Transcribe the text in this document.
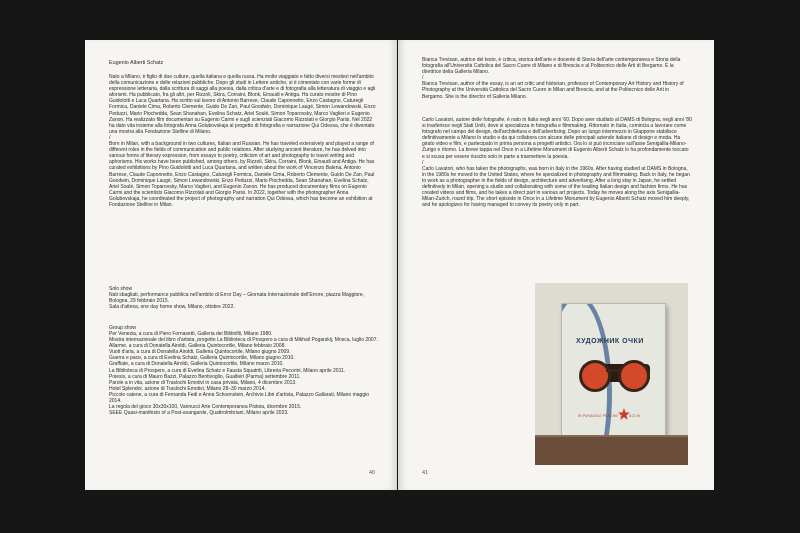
Eugenio Alberti Schatz
Nato a Milano, è figlio di due culture, quella italiana e quella russa. Ha molto viaggiato e fatto diversi mestieri nell'ambito della comunicazione e delle relazioni pubbliche. Dopo gli studi in Lettere antiche, si è cimentato con varie forme di espressione letteraria, dalla scrittura di saggi alla poesia, dalla critica d'arte e di fotografia alla letteratura di viaggio e agli aforismi. Ha pubblicato, fra gli altri, per Rizzoli, Skira, Corraini, Blonk, Einaudi e Antiga. Ha curato mostre di Pino Guidolotti e Luca Quartana. Ha scritto sul lavoro di Antonio Barrese, Claude Caponnetto, Enzo Castagno, Caturegli Formica, Daniele Cima, Roberto Clemente, Guido De Zan, Paul Goodwin, Dominique Laugé, Simon Lewandowski, Enzo Peduzzi, Mario Piochedda, Sean Shanahan, Evelina Schatz, Ariel Soulé, Simon Toparovsky, Marco Vaglieri e Eugenio Zanon. Ha realizzato film documentari su Eugenio Carmi e sugli scienziati Giacomo Rizzolati e Giorgio Parisi. Nel 2022 ha dato vita insieme alla fotografa Anna Golubovskaja al progetto di fotografia e narrazione Qui Odessa, che è diventato una mostra alla Fondazione Stelline di Milano.
/
Born in Milan, with a background in two cultures, Italian and Russian. He has traveled extensively and played a range of different roles in the fields of communication and public relations. After studying ancient literature, he has delved into various forms of literary expression, from essays to poetry, criticism of art and photography to travel writing and aphorisms. His works have been published, among others, by Rizzoli, Skira, Corraini, Blonk, Einaudi and Antiga. He has curated exhibitions by Pino Guidolotti and Luca Quartana, and written about the work of Vincenzo Balena, Antonio Barrese, Claude Caponnetto, Enzo Castagno, Caturegli Formica, Daniele Cima, Roberto Clemente, Guido De Zan, Paul Goodwin, Dominique Laugé, Simon Lewandowski, Enzo Peduzzi, Mario Piochedda, Sean Shanahan, Evelina Schatz, Ariel Soulé, Simon Toparovsky, Marco Vaglieri, and Eugenio Zanon. He has produced documentary films on Eugenio Carmi and the scientists Giacomo Rizzolati and Giorgio Parisi. In 2022, together with the photographer Anna Golubovskaja, he coordinated the project of photography and narration Qui Odessa, which has become an exhibition at Fondazione Stelline in Milan.
Solo show
Nati sbagliati, performance pubblica nell'ambito di Error Day – Giornata Internazionale dell'Errore, piazza Maggiore, Bologna, 29 febbraio 2015.
Sala d'attesa, one day home show, Milano, ottobre 2022.
Group show
Per Venezia, a cura di Piero Fornasetti, Galleria dei Bibliofili, Milano 1980.
Mostra internazionale del libro d'artista, progetto La Biblioteca di Prospero a cura di Mikhail Pogarskij, Mosca, luglio 2007.
Allarme, a cura di Donatella Airoldi, Galleria Quintocortile, Milano febbraio 2008.
Vuoti d'aria, a cura di Donatella Airoldi, Galleria Quintocortile, Milano giugno 2009.
Guerra e pace, a cura di Evelina Schatz, Galleria Quintocortile, Milano giugno 2010.
Graffiate, a cura di Donatella Airoldi, Galleria Quintocortile, Milano marzo 2010.
La Biblioteca di Prospero, a cura di Evelina Schatz e Fausta Squatriti, Libreria Pecorini, Milano aprile 2011.
Poiesis, a cura di Mauro Bazzi, Palazzo Bentivoglio, Gualtieri (Parma) settembre 2011.
Parole a in vita, azione di Traslochi Emotivi in casa privata, Milano, 4 dicembre 2013.
Hotel Splendor, azione di Traslochi Emotivi, Milano 28–30 marzo 2014.
Piccole catene, a cura di Fernanda Fedi e Anna Schoenstein, Archivio Libri d'artista, Palazzo Gallarati, Milano maggio 2014.
La regola del gioco 30x30x100, Vannucci Arte Contemporanea Pistoia, dicembre 2015.
SEEE Quasi-manifesto of a Post-avangarde, Quattrolmbriani, Milano aprile 2023.
40
Bianca Trevisan, autrice del testo, è critica, storica dell'arte e docente di Storia dell'arte contemporanea e Storia della fotografia all'Università Cattolica del Sacro Cuore di Milano e di Brescia e al Politecnico delle Arti di Bergamo. È la direttrice della Galleria Milano.
/
Bianca Trevisan, author of the essay, is an art critic and historian, professor of Contemporary Art History and History of Photography at the Università Cattolica del Sacro Cuore in Milan and Brescia, and at the Politecnico delle Arti in Bergamo. She is the director of Galleria Milano.
Carlo Lavatori, autore delle fotografie, è nato in Italia negli anni '60. Dopo aver studiato al DAMS di Bologna, negli anni '80 si trasferisce negli Stati Uniti, dove si specializza in fotografia e filmmaking. Ritornato in Italia, comincia a lavorare come fotografo nel campo del design, dell'architettura e dell'advertising. Dopo un lungo intermezzo in Giappone stabilisce definitivamente a Milano lo studio e da qui collabora con alcune delle principali aziende italiane di design e moda. Ha girato video e film, e partecipato in prima persona a progetti artistici. Ora lo si può incrociare sull'asse Senigallia-Milano-Zurigo e ritorno. La breve tappa nel Once in a Lifetime Monument di Eugenio Alberti Schatz lo ha profondamente toccato e si scusa per essere riuscito solo in parte a trasmettere la poesia.
/
Carlo Lavatori, who has taken the photographs, was born in Italy in the 1960s. After having studied at DAMS in Bologna, in the 1980s he moved to the United States, where he specialized in photography and filmmaking. Back in Italy, he began to work as a photographer in the fields of design, architecture and advertising. After a long stay in Japan, he settled definitively in Milan, opening a studio and collaborating with some of the leading Italian design and fashion firms. He has created videos and films, and he takes a direct part in various art projects. Today he moves along the axis Senigallia-Milan-Zurich, round trip. The short episode in Once in a Lifetime Monument by Eugenio Alberti Schatz moved him deeply, and he apologizes for having managed to convey its poetry only in part.
ХУДОЖНИК ОЧКИ
IN PARADISO PERCHE' DUE OCCHI
41
